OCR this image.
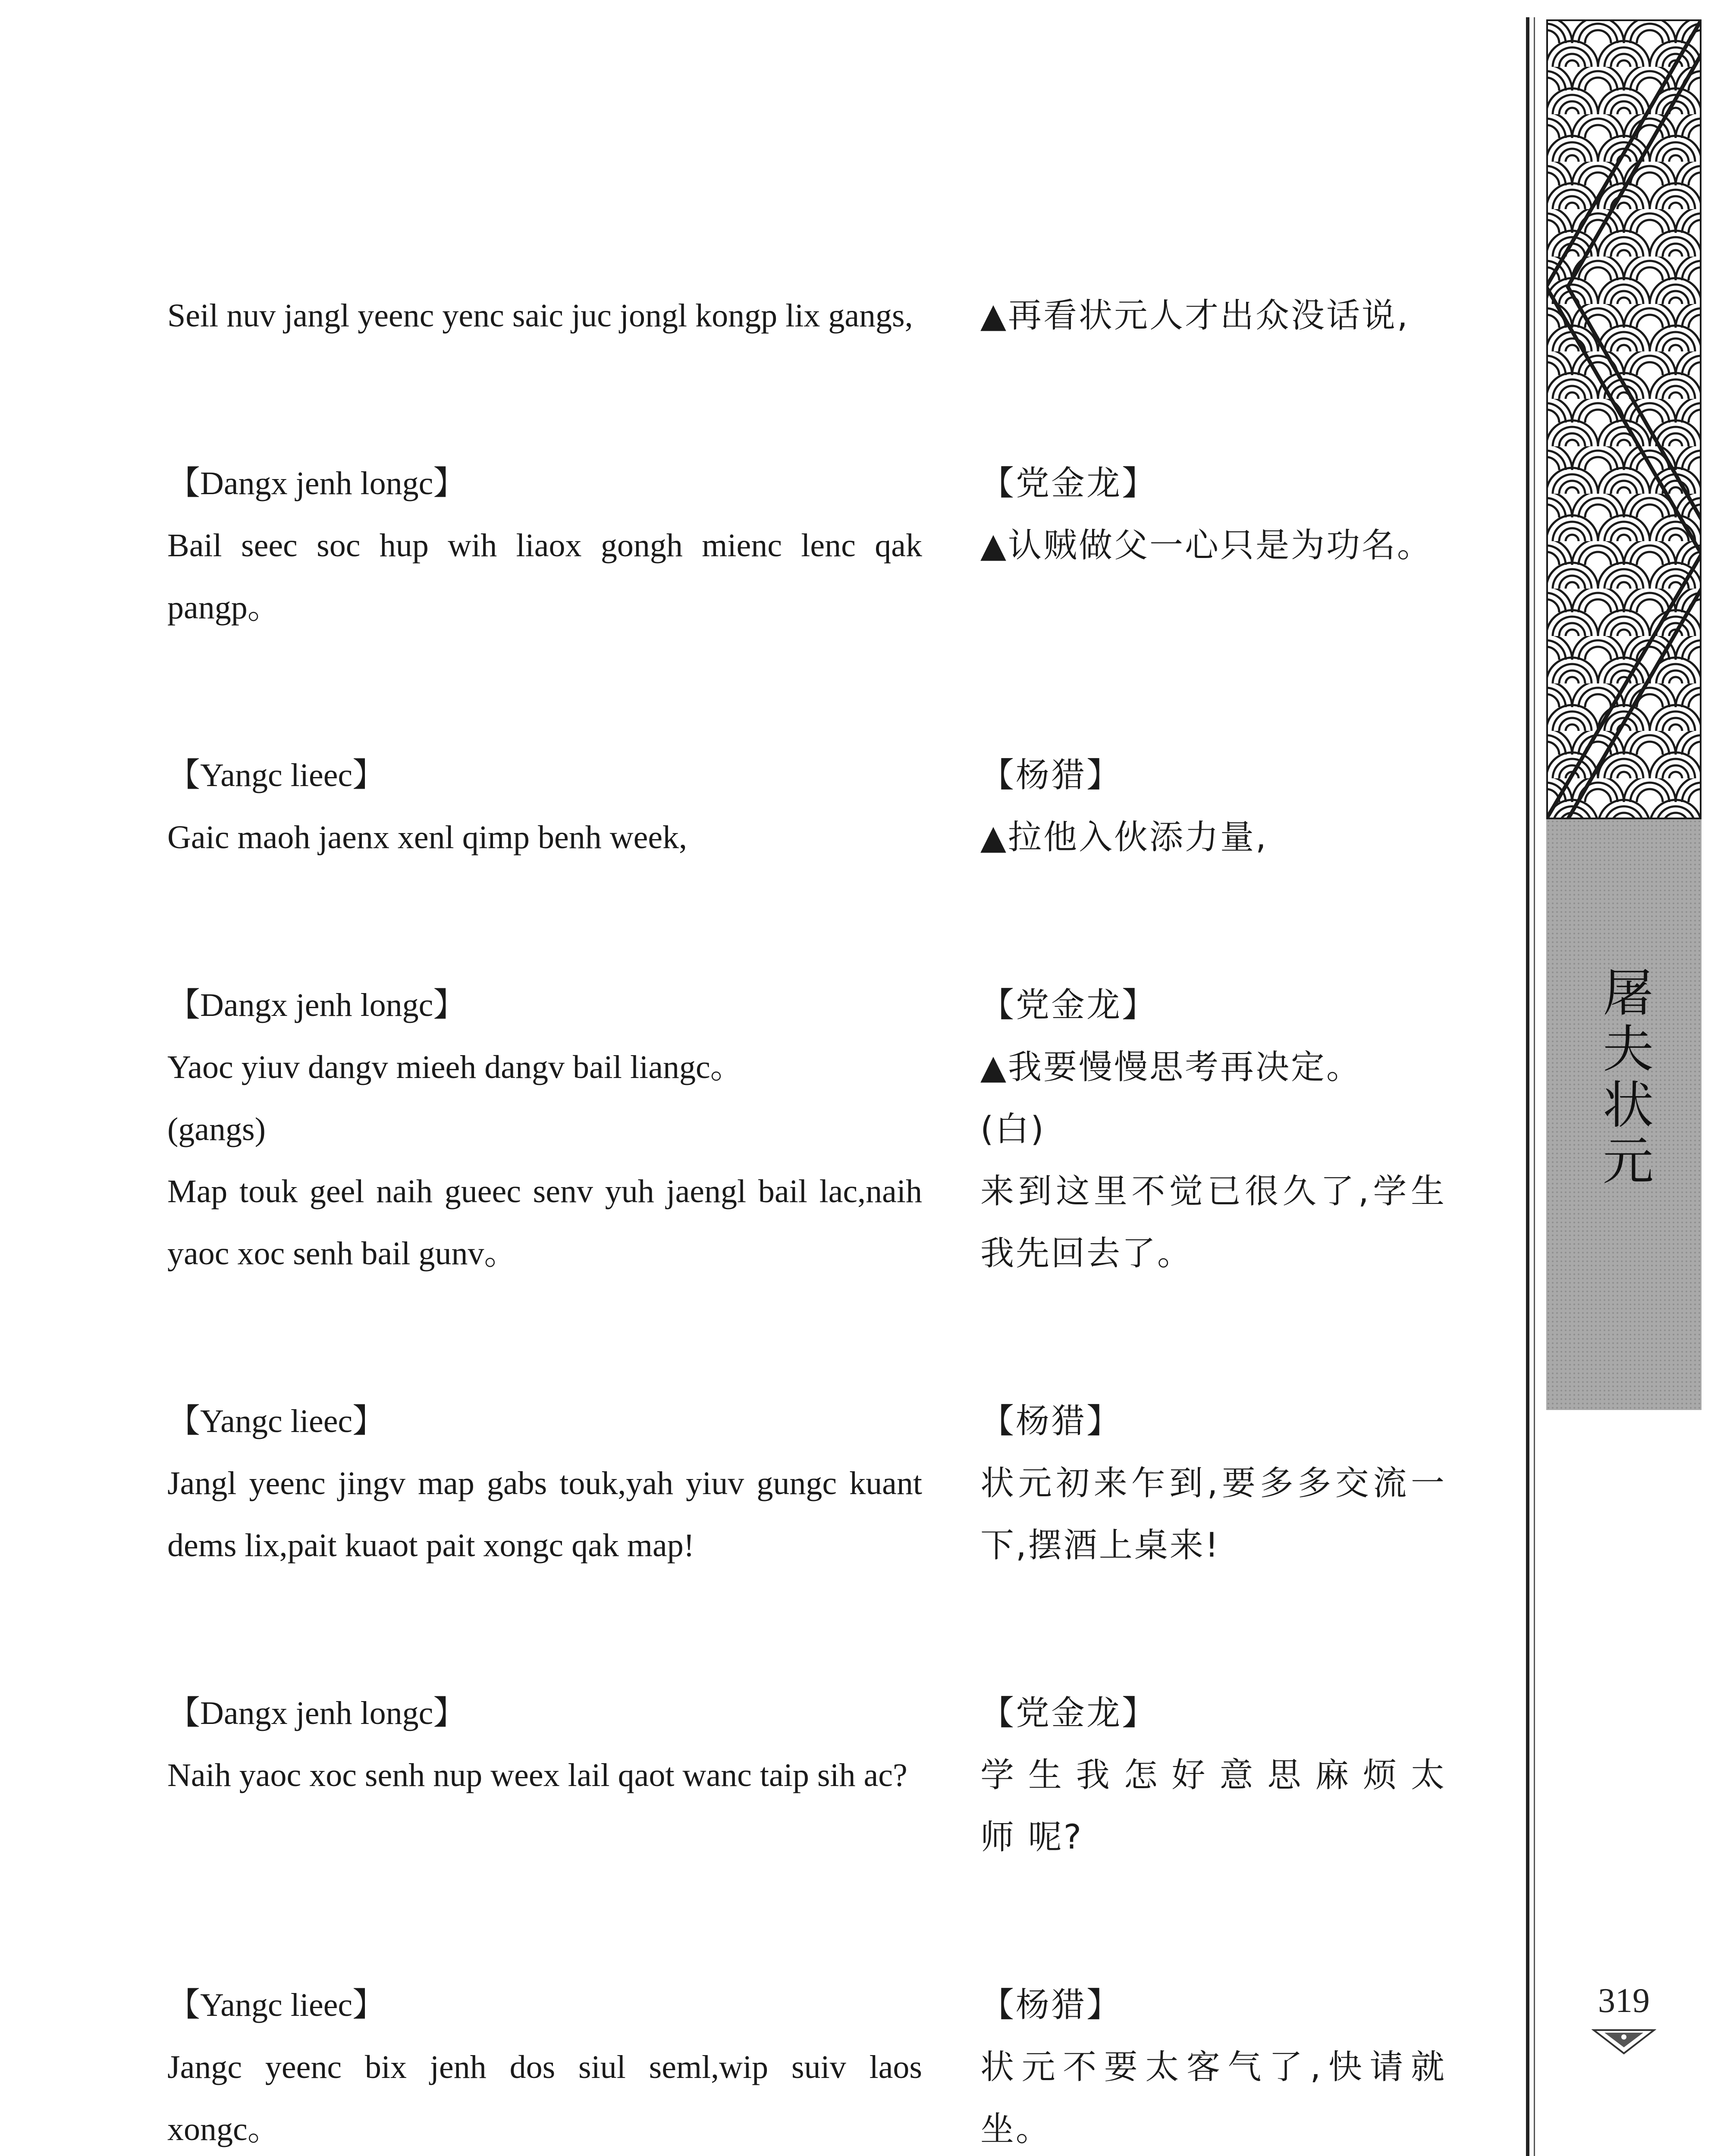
Seil nuv jangl yeenc yenc saic juc jongl kongp lix gangs, ▲再看状元人才出众没话说,
【Dangx jenh longc】	【党金龙】
Bail seec soc hup wih liaox gongh mienc lenc qak pangp。
▲认贼做父一心只是为功名。
【Yangc lieec】	【杨猎】
Gaic maoh jaenx xenl qimp benh week,	▲拉他入伙添力量,
【Dangx jenh longc】	【党金龙】
Yaoc yiuv dangv mieeh dangv bail liangc。	▲我要慢慢思考再决定。
(gangs)	(白)
Map touk geel naih gueec senv yuh jaengl bail lac,naih yaoc xoc senh bail gunv。
来到这里不觉已很久了,学生我先回去了。
【Yangc lieec】	【杨猎】
Jangl yeenc jingv map gabs touk,yah yiuv gungc kuant dems lix,pait kuaot pait xongc qak map!
状元初来乍到,要多多交流一下,摆酒上桌来!
【Dangx jenh longc】	【党金龙】
Naih yaoc xoc senh nup weex lail qaot wanc taip sih ac?	学 生 我 怎 好 意 思 麻 烦 太 师 呢?
【Yangc lieec】	【杨猎】
Jangc yeenc bix jenh dos siul seml,wip suiv laos xongc。
状元不要太客气了,快请就坐。
屠夫状元
319
